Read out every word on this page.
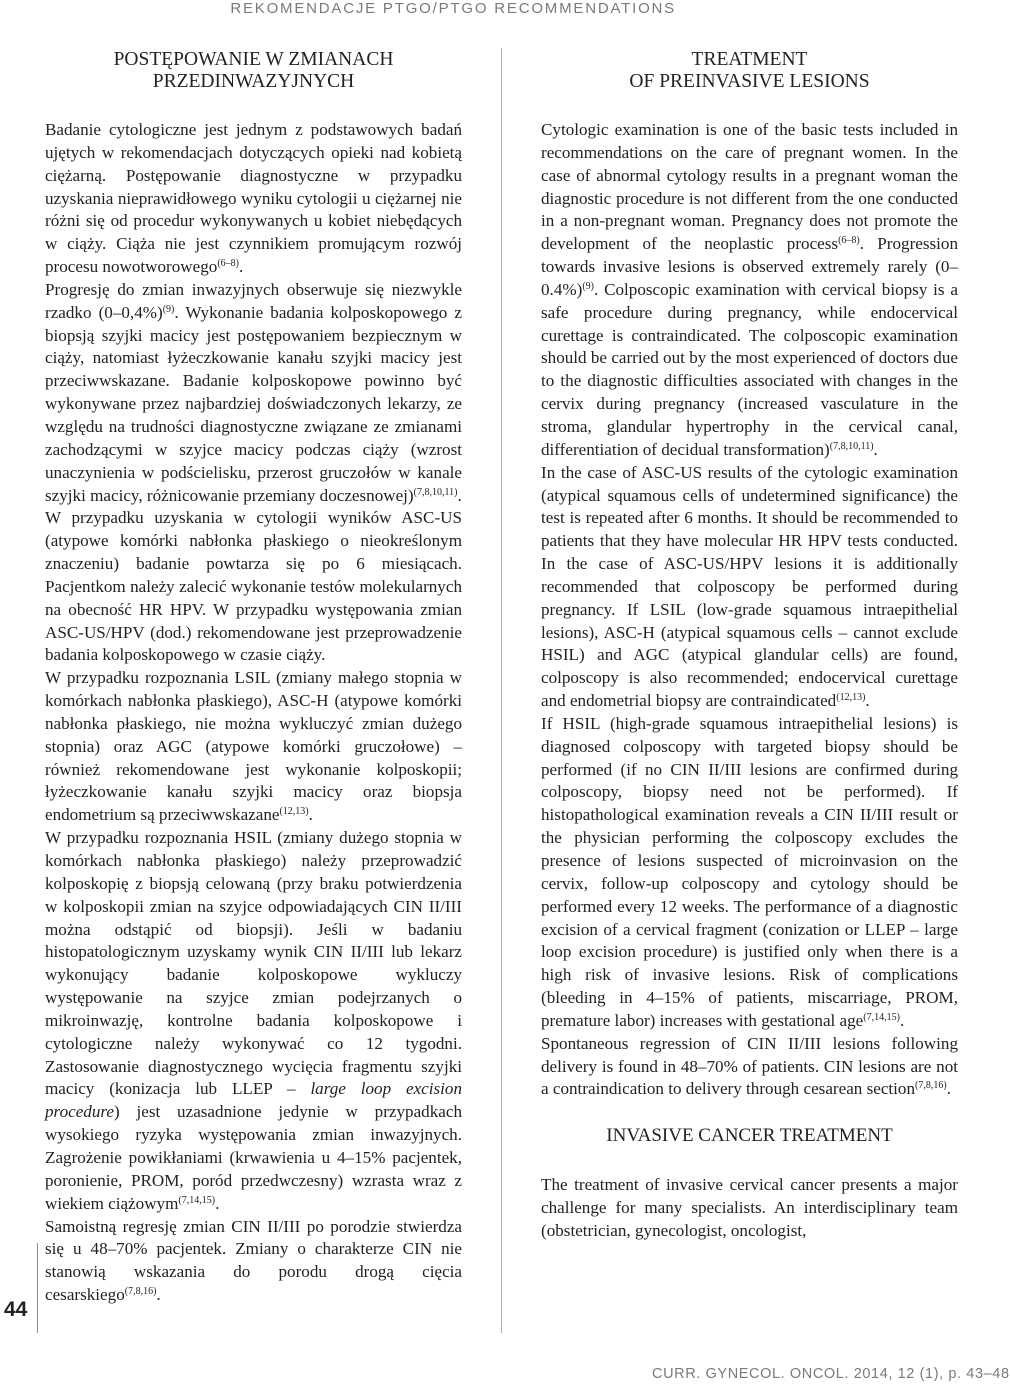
REKOMENDACJE PTGO/PTGO RECOMMENDATIONS
POSTĘPOWANIE W ZMIANACH
PRZEDINWAZYJNYCH

Badanie cytologiczne jest jednym z podstawowych badań ujętych w rekomendacjach dotyczących opieki nad kobietą ciężarną. Postępowanie diagnostyczne w przypadku uzyskania nieprawidłowego wyniku cytologii u ciężarnej nie różni się od procedur wykonywanych u kobiet niebędących w ciąży. Ciąża nie jest czynnikiem promującym rozwój procesu nowotworowego$^{(6-8)}$.

Progresję do zmian inwazyjnych obserwuje się niezwykle rzadko $(0-0,4\%)^{(9)}$. Wykonanie badania kolposkopowego z biopsją szyjki macicy jest postępowaniem bezpiecznym w ciąży, natomiast łyżeczkowanie kanału szyjki macicy jest przeciwwskazane. Badanie kolposkopowe powinno być wykonywane przez najbardziej doświadczonych lekarzy, ze względu na trudności diagnostyczne związane ze zmianami zachodzącymi w szyjce macicy podczas ciąży (wzrost unaczynienia w podścielisku, przerost gruczołów w kanale szyjki macicy, różnicowanie przemiany doczesnowej)$^{(7,8,10,11)}$.

W przypadku uzyskania w cytologii wyników ASC-US (atypowe komórki nabłonka płaskiego o nieokreślonym znaczeniu) badanie powtarza się po 6 miesiącach. Pacjentkom należy zalecić wykonanie testów molekularnych na obecność HR HPV. W przypadku występowania zmian ASC-US/HPV (dod.) rekomendowane jest przeprowadzenie badania kolposkopowego w czasie ciąży.

W przypadku rozpoznania LSIL (zmiany małego stopnia w komórkach nabłonka płaskiego), ASC-H (atypowe komórki nabłonka płaskiego, nie można wykluczyć zmian dużego stopnia) oraz AGC (atypowe komórki gruczołowe) – również rekomendowane jest wykonanie kolposkopii; łyżeczkowanie kanału szyjki macicy oraz biopsja endometrium są przeciwwskazane$^{(12,13)}$.

W przypadku rozpoznania HSIL (zmiany dużego stopnia w komórkach nabłonka płaskiego) należy przeprowadzić kolposkopię z biopsją celowaną (przy braku potwierdzenia w kolposkopii zmian na szyjce odpowiadających CIN II/III można odstąpić od biopsji). Jeśli w badaniu histopatologicznym uzyskamy wynik CIN II/III lub lekarz wykonujący badanie kolposkopowe wykluczy występowanie na szyjce zmian podejrzanych o mikroinwazję, kontrolne badania kolposkopowe i cytologiczne należy wykonywać co 12 tygodni. Zastosowanie diagnostycznego wycięcia fragmentu szyjki macicy (konizacja lub LLEP – large loop excision procedure) jest uzasadnione jedynie w przypadkach wysokiego ryzyka występowania zmian inwazyjnych. Zagrożenie powikłaniami (krwawienia u 4–15% pacjentek, poronienie, PROM, poród przedwczesny) wzrasta wraz z wiekiem ciążowym$^{(7,14,15)}$.

Samoistną regresję zmian CIN II/III po porodzie stwierdza się u 48–70% pacjentek. Zmiany o charakterze CIN nie stanowią wskazania do porodu drogą cięcia cesarskiego$^{(7,8,16)}$.

TREATMENT
OF PREINVASIVE LESIONS

Cytologic examination is one of the basic tests included in recommendations on the care of pregnant women. In the case of abnormal cytology results in a pregnant woman the diagnostic procedure is not different from the one conducted in a non-pregnant woman. Pregnancy does not promote the development of the neoplastic process$^{(6-8)}$. Progression towards invasive lesions is observed extremely rarely $(0-0.4\%)^{(9)}$. Colposcopic examination with cervical biopsy is a safe procedure during pregnancy, while endocervical curettage is contraindicated. The colposcopic examination should be carried out by the most experienced of doctors due to the diagnostic difficulties associated with changes in the cervix during pregnancy (increased vasculature in the stroma, glandular hypertrophy in the cervical canal, differentiation of decidual transformation)$^{(7,8,10,11)}$.

In the case of ASC-US results of the cytologic examination (atypical squamous cells of undetermined significance) the test is repeated after 6 months. It should be recommended to patients that they have molecular HR HPV tests conducted. In the case of ASC-US/HPV lesions it is additionally recommended that colposcopy be performed during pregnancy. If LSIL (low-grade squamous intraepithelial lesions), ASC-H (atypical squamous cells – cannot exclude HSIL) and AGC (atypical glandular cells) are found, colposcopy is also recommended; endocervical curettage and endometrial biopsy are contraindicated$^{(12,13)}$.

If HSIL (high-grade squamous intraepithelial lesions) is diagnosed colposcopy with targeted biopsy should be performed (if no CIN II/III lesions are confirmed during colposcopy, biopsy need not be performed). If histopathological examination reveals a CIN II/III result or the physician performing the colposcopy excludes the presence of lesions suspected of microinvasion on the cervix, follow-up colposcopy and cytology should be performed every 12 weeks. The performance of a diagnostic excision of a cervical fragment (conization or LLEP – large loop excision procedure) is justified only when there is a high risk of invasive lesions. Risk of complications (bleeding in 4–15% of patients, miscarriage, PROM, premature labor) increases with gestational age$^{(7,14,15)}$.

Spontaneous regression of CIN II/III lesions following delivery is found in 48–70% of patients. CIN lesions are not a contraindication to delivery through cesarean section$^{(7,8,16)}$.

INVASIVE CANCER TREATMENT

The treatment of invasive cervical cancer presents a major challenge for many specialists. An interdisciplinary team (obstetrician, gynecologist, oncologist,

44
CURR. GYNECOL. ONCOL. 2014, 12 (1), p. 43–48
